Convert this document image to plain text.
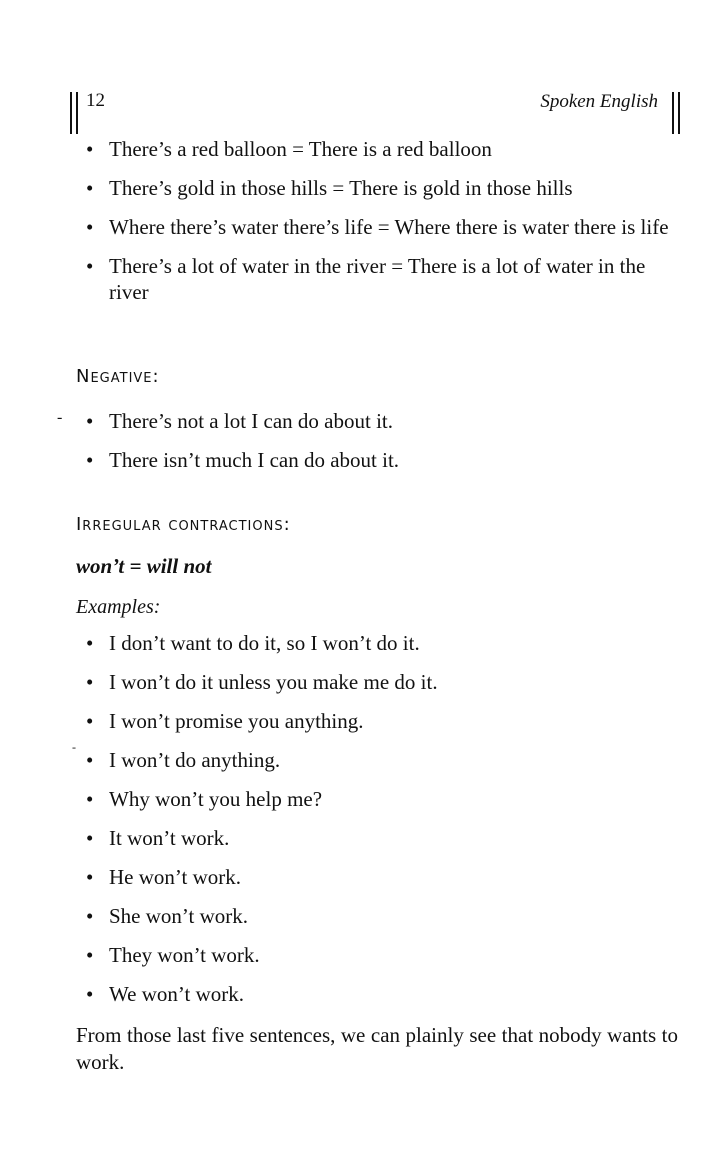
12	Spoken English
• There’s a red balloon = There is a red balloon
• There’s gold in those hills = There is gold in those hills
• Where there’s water there’s life = Where there is water there is life
• There’s a lot of water in the river = There is a lot of water in the river
Negative:
- • There’s not a lot I can do about it.
• There isn’t much I can do about it.
Irregular contractions:
won’t = will not
Examples:
-
• I don’t want to do it, so I won’t do it.
• I won’t do it unless you make me do it.
• I won’t promise you anything.
• I won’t do anything.
• Why won’t you help me?
• It won’t work.
• He won’t work.
• She won’t work.
• They won’t work.
• We won’t work.

From those last five sentences, we can plainly see that nobody wants to work.
